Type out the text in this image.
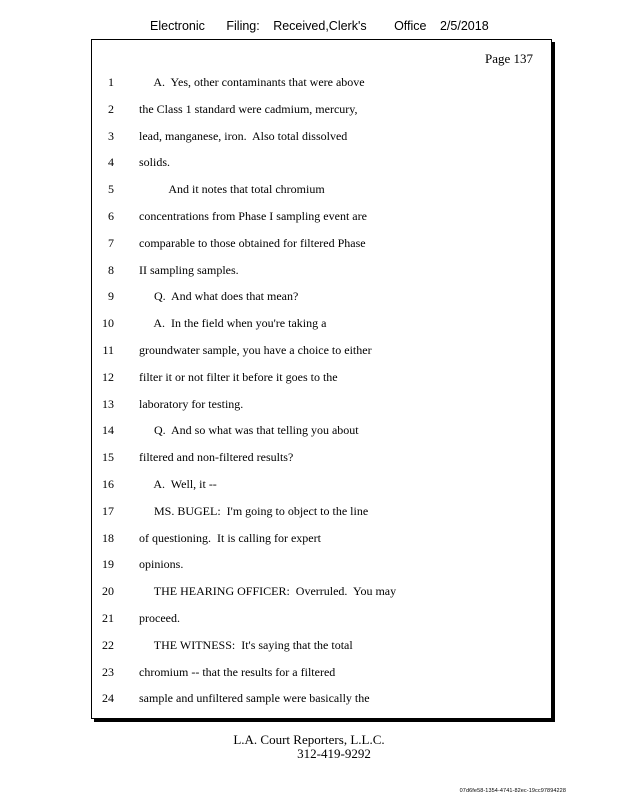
Electronic Filing: Received,Clerk's Office 2/5/2018
Page 137
1 A.  Yes, other contaminants that were above
2 the Class 1 standard were cadmium, mercury,
3 lead, manganese, iron.  Also total dissolved
4 solids.
5 And it notes that total chromium
6 concentrations from Phase I sampling event are
7 comparable to those obtained for filtered Phase
8 II sampling samples.
9 Q.  And what does that mean?
10 A.  In the field when you're taking a
11 groundwater sample, you have a choice to either
12 filter it or not filter it before it goes to the
13 laboratory for testing.
14 Q.  And so what was that telling you about
15 filtered and non-filtered results?
16 A.  Well, it --
17 MS. BUGEL:  I'm going to object to the line
18 of questioning.  It is calling for expert
19 opinions.
20 THE HEARING OFFICER:  Overruled.  You may
21 proceed.
22 THE WITNESS:  It's saying that the total
23 chromium -- that the results for a filtered
24 sample and unfiltered sample were basically the
L.A. Court Reporters, L.L.C.
312-419-9292
07d6fe58-1354-4741-82ec-19cc97894228
